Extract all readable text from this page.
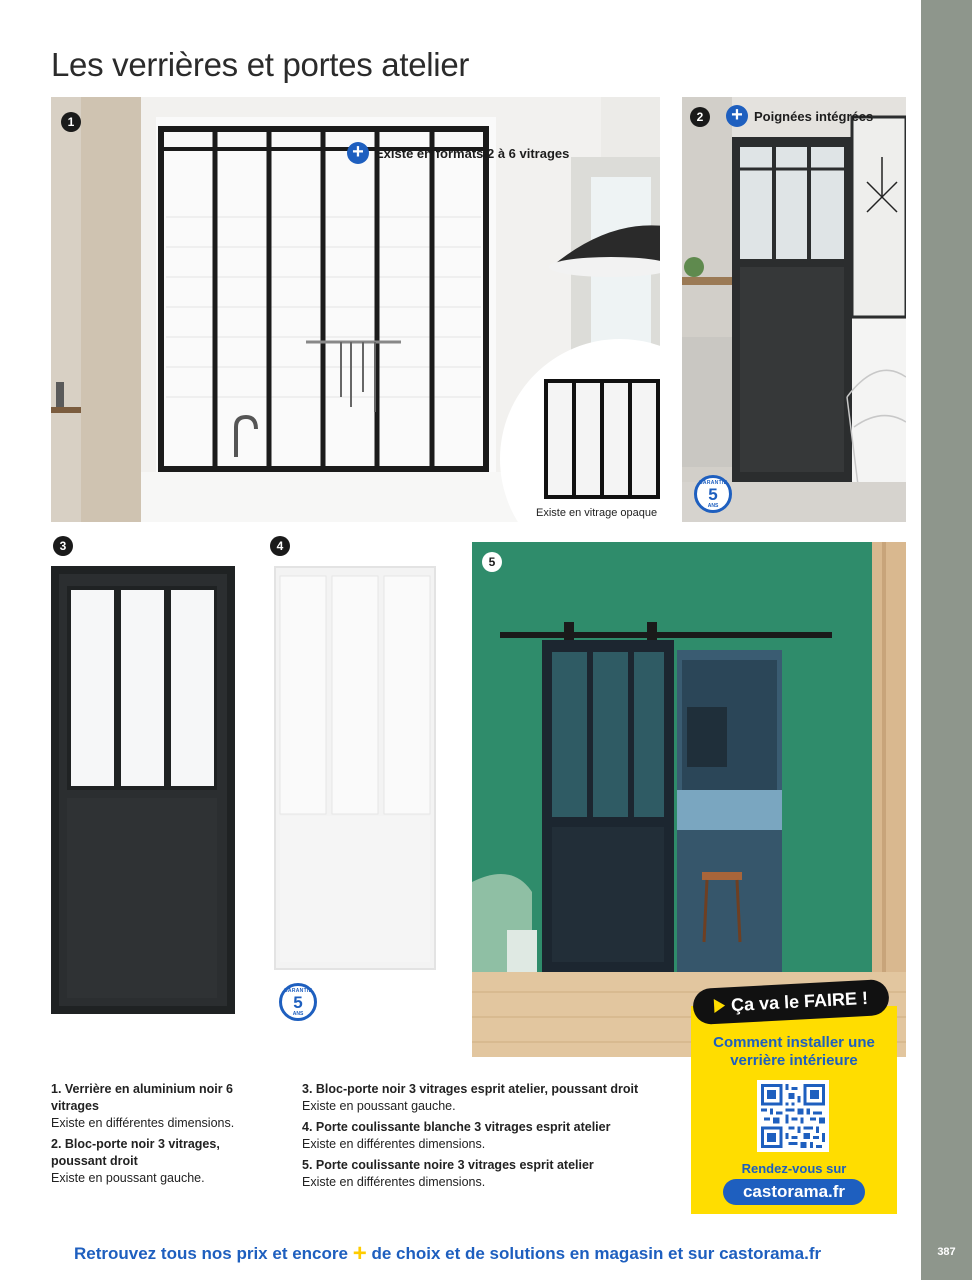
387
Les verrières et portes atelier
1
+ Existe en formats 2 à 6 vitrages
Existe en vitrage opaque
2	+ Poignées intégrées
GARANTIE
5
ANS
3	4
GARANTIE
5
ANS
5
1. Verrière en aluminium noir 6 vitrages
Existe en différentes dimensions.
2. Bloc-porte noir 3 vitrages, poussant droit
Existe en poussant gauche.
3. Bloc-porte noir 3 vitrages esprit atelier, poussant droit
Existe en poussant gauche.
4. Porte coulissante blanche 3 vitrages esprit atelier
Existe en différentes dimensions.
5. Porte coulissante noire 3 vitrages esprit atelier
Existe en différentes dimensions.
Ça va le FAIRE !
Comment installer une verrière intérieure
Rendez-vous sur
castorama.fr
Retrouvez tous nos prix et encore + de choix et de solutions en magasin et sur castorama.fr
